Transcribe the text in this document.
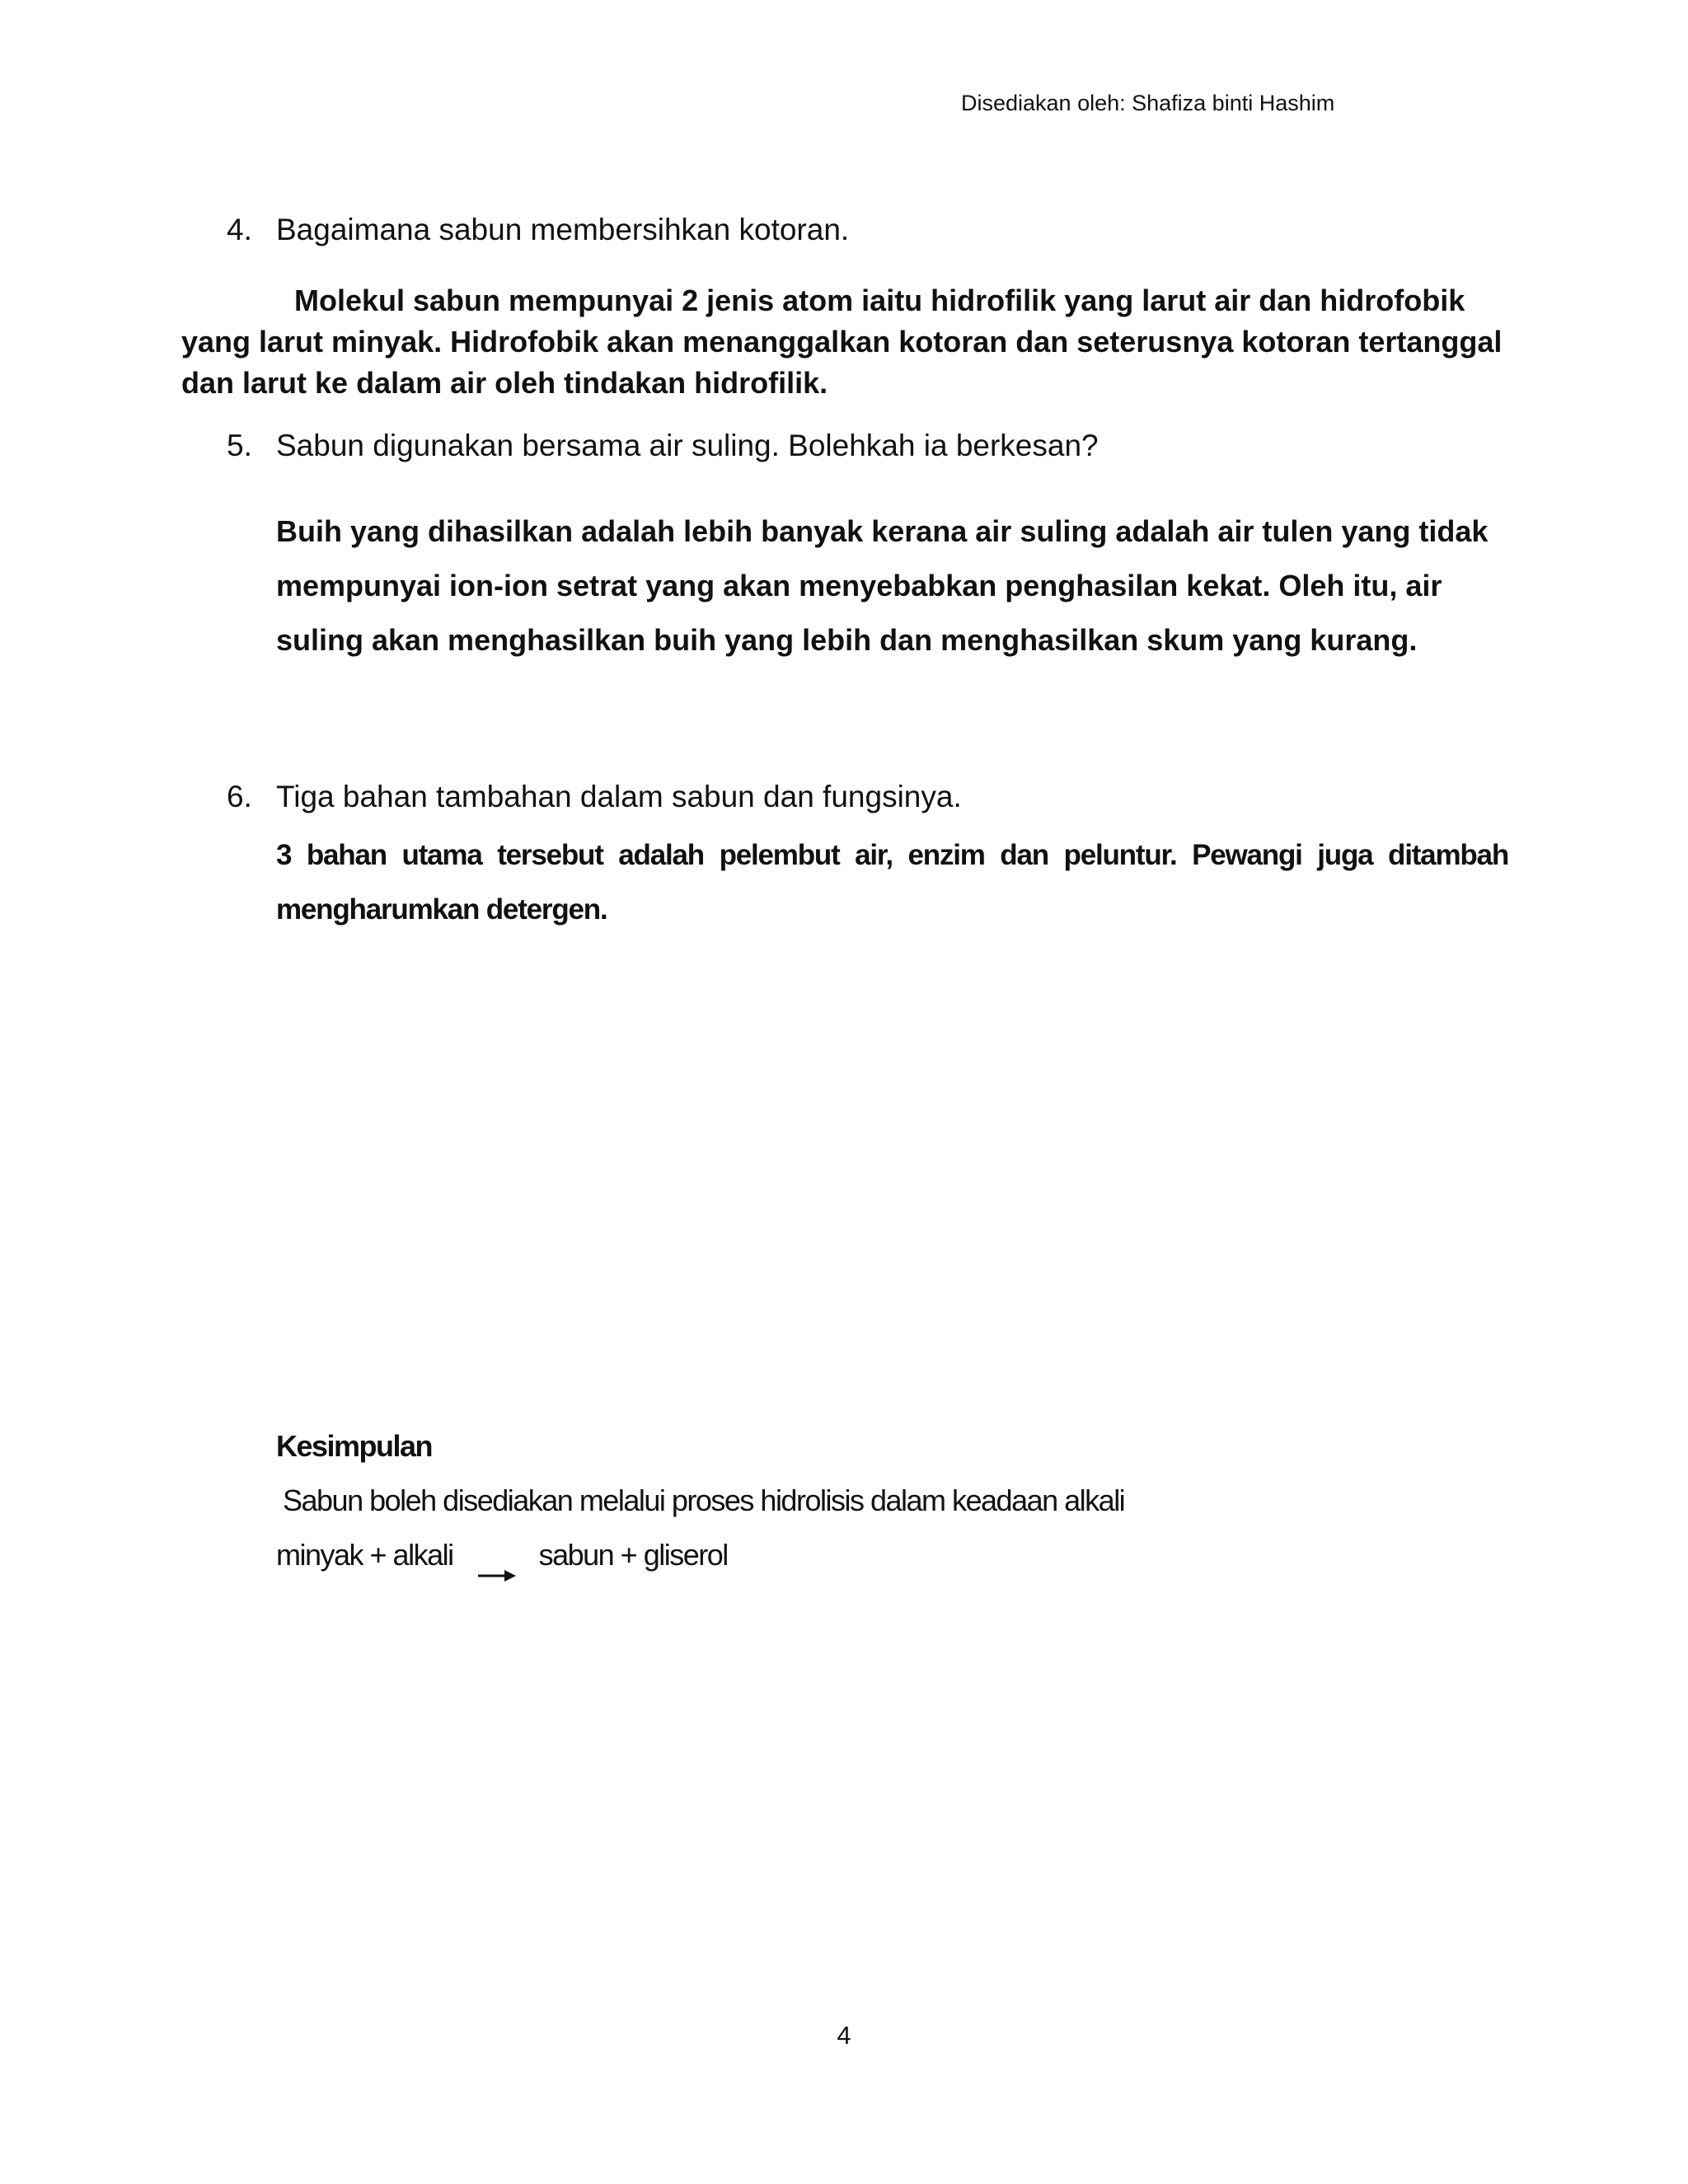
Disediakan oleh: Shafiza binti Hashim
4. Bagaimana sabun membersihkan kotoran.
Molekul sabun mempunyai 2 jenis atom iaitu hidrofilik yang larut air dan hidrofobik yang larut minyak. Hidrofobik akan menanggalkan kotoran dan seterusnya kotoran tertanggal dan larut ke dalam air oleh tindakan hidrofilik.
5. Sabun digunakan bersama air suling. Bolehkah ia berkesan?
Buih yang dihasilkan adalah lebih banyak kerana air suling adalah air tulen yang tidak mempunyai ion-ion setrat yang akan menyebabkan penghasilan kekat. Oleh itu, air suling akan menghasilkan buih yang lebih dan menghasilkan skum yang kurang.
6. Tiga bahan tambahan dalam sabun dan fungsinya.
3 bahan utama tersebut adalah pelembut air, enzim dan peluntur. Pewangi juga ditambah mengharumkan detergen.
Kesimpulan
Sabun boleh disediakan melalui proses hidrolisis dalam keadaan alkali
minyak + alkali	sabun + gliserol
4
